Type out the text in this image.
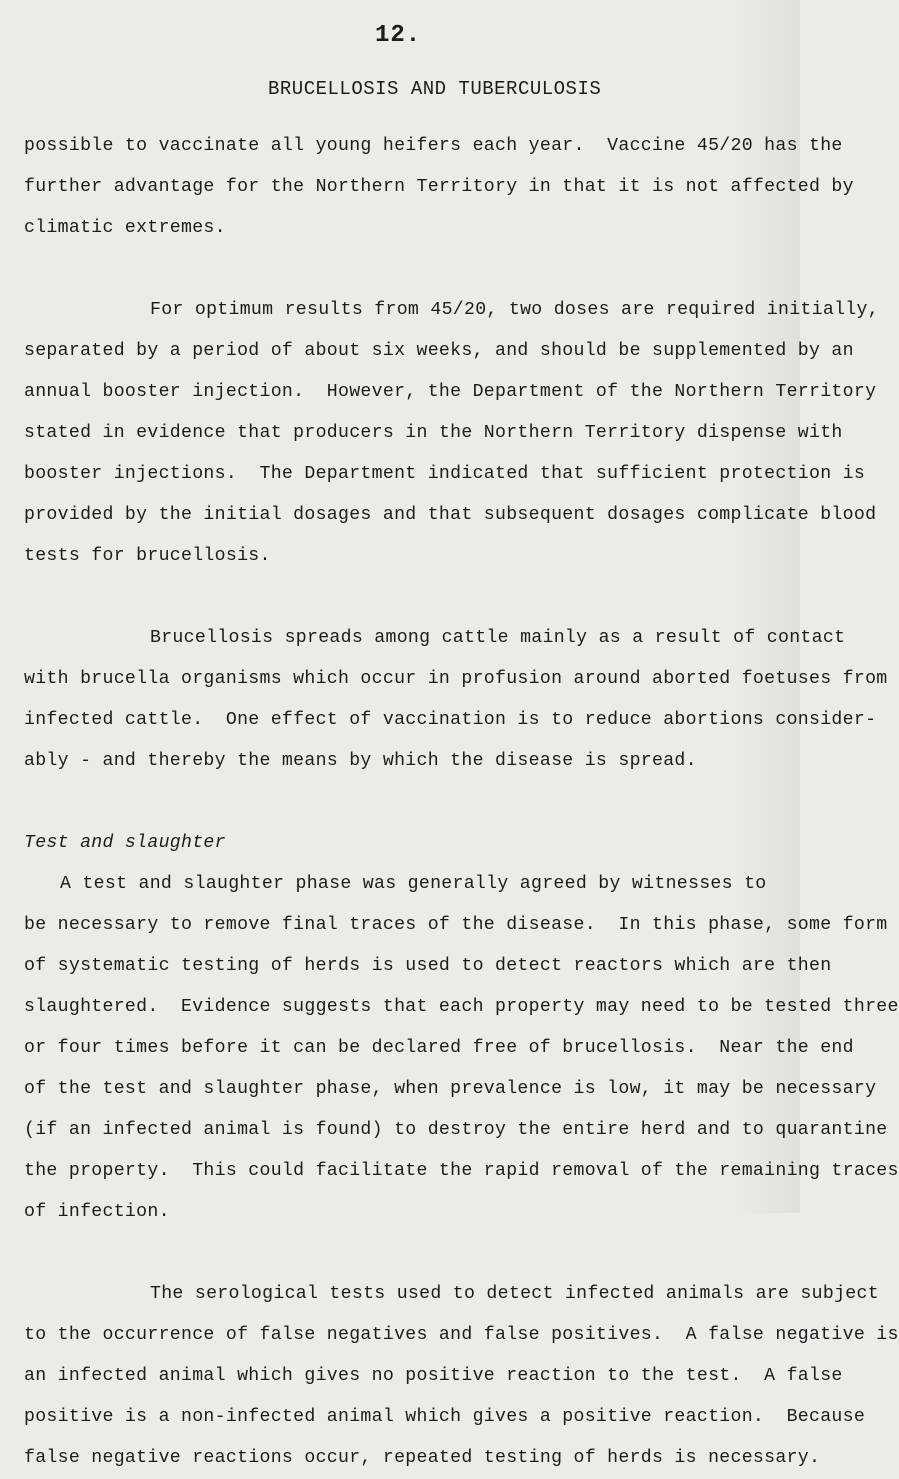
12.
BRUCELLOSIS AND TUBERCULOSIS
possible to vaccinate all young heifers each year.  Vaccine 45/20 has the
further advantage for the Northern Territory in that it is not affected by
climatic extremes.
For optimum results from 45/20, two doses are required initially,
separated by a period of about six weeks, and should be supplemented by an
annual booster injection.  However, the Department of the Northern Territory
stated in evidence that producers in the Northern Territory dispense with
booster injections.  The Department indicated that sufficient protection is
provided by the initial dosages and that subsequent dosages complicate blood
tests for brucellosis.
Brucellosis spreads among cattle mainly as a result of contact
with brucella organisms which occur in profusion around aborted foetuses from
infected cattle.  One effect of vaccination is to reduce abortions consider-
ably - and thereby the means by which the disease is spread.
Test and slaughter
A test and slaughter phase was generally agreed by witnesses to
be necessary to remove final traces of the disease.  In this phase, some form
of systematic testing of herds is used to detect reactors which are then
slaughtered.  Evidence suggests that each property may need to be tested three
or four times before it can be declared free of brucellosis.  Near the end
of the test and slaughter phase, when prevalence is low, it may be necessary
(if an infected animal is found) to destroy the entire herd and to quarantine
the property.  This could facilitate the rapid removal of the remaining traces
of infection.
The serological tests used to detect infected animals are subject
to the occurrence of false negatives and false positives.  A false negative is
an infected animal which gives no positive reaction to the test.  A false
positive is a non-infected animal which gives a positive reaction.  Because
false negative reactions occur, repeated testing of herds is necessary.
